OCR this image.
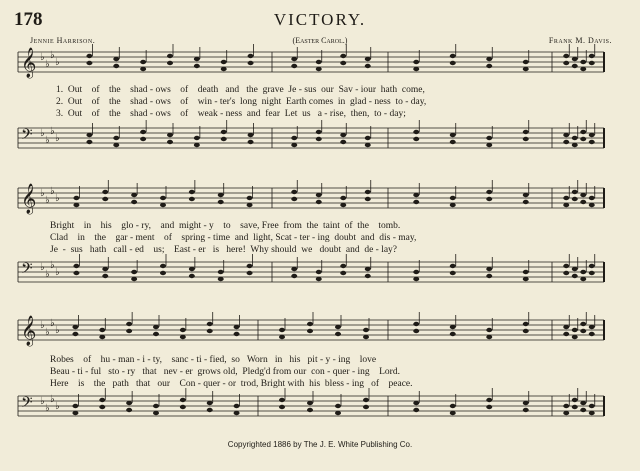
𝄞 ♭
♭
♭
♭
𝄢 ♭
♭
♭
♭
𝄞 ♭
♭
♭
♭
𝄢 ♭
♭
♭
♭
𝄞 ♭
♭
♭
♭
𝄢 ♭
♭
♭
♭
178	VICTORY.
Jennie Harrison.	(Easter Carol.)	Frank M. Davis.
1.  Out    of    the    shad - ows    of    death   and   the  grave  Je - sus  our  Sav - iour  hath  come,
2.  Out    of    the    shad - ows    of    win - ter's  long  night  Earth comes  in  glad - ness  to - day,
3.  Out    of    the    shad - ows    of    weak - ness  and  fear  Let  us   a - rise,  then,  to - day;
Bright    in    his    glo - ry,    and  might - y    to    save, Free  from  the  taint  of  the    tomb.
Clad    in    the    gar - ment    of    spring - time  and  light, Scat - ter - ing  doubt  and  dis - may,
Je  -  sus   hath   call - ed    us;    East - er   is   here!  Why should  we   doubt  and  de - lay?
Robes    of    hu - man - i - ty,    sanc - ti - fied,  so   Worn   in   his   pit - y - ing    love
Beau - ti - ful   sto - ry   that   nev - er  grows old,  Pledg'd from our  con - quer - ing    Lord.
Here    is    the   path   that   our    Con - quer - or  trod, Bright with  his  bless - ing   of    peace.
Copyrighted 1886 by The J. E. White Publishing Co.
